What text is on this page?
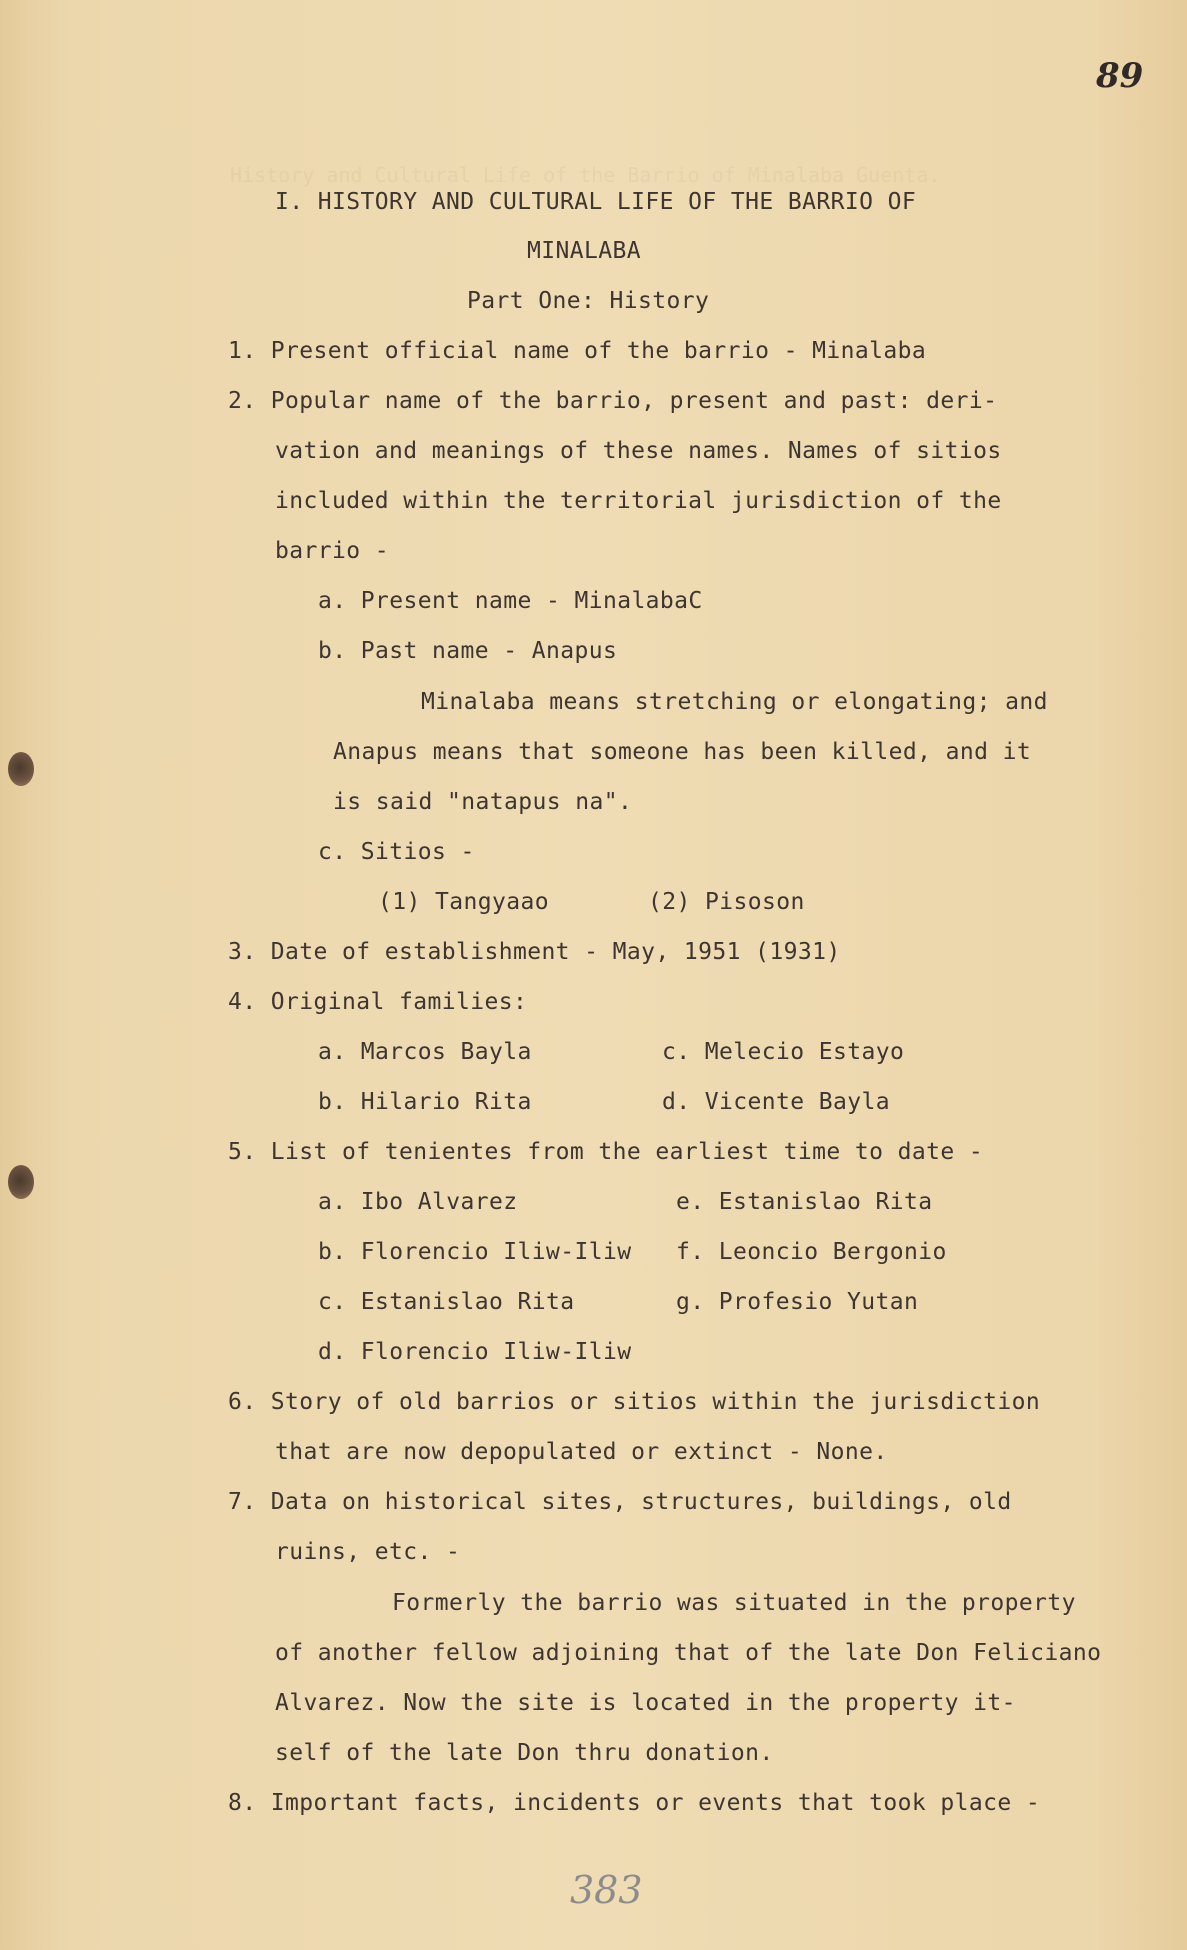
History and Cultural Life of the Barrio of Minalaba Guenta.
89
I. HISTORY AND CULTURAL LIFE OF THE BARRIO OF
MINALABA
Part One: History
1. Present official name of the barrio - Minalaba
2. Popular name of the barrio, present and past: deri-
vation and meanings of these names. Names of sitios
included within the territorial jurisdiction of the
barrio -
a. Present name - MinalabaC
b. Past name - Anapus
Minalaba means stretching or elongating; and
Anapus means that someone has been killed, and it
is said "natapus na".
c. Sitios -
(1) Tangyaao	(2) Pisoson
3. Date of establishment - May, 1951 (1931)
4. Original families:
a. Marcos Bayla	c. Melecio Estayo
b. Hilario Rita	d. Vicente Bayla
5. List of tenientes from the earliest time to date -
a. Ibo Alvarez	e. Estanislao Rita
b. Florencio Iliw-Iliw f. Leoncio Bergonio
c. Estanislao Rita	g. Profesio Yutan
d. Florencio Iliw-Iliw
6. Story of old barrios or sitios within the jurisdiction
that are now depopulated or extinct - None.
7. Data on historical sites, structures, buildings, old
ruins, etc. -
Formerly the barrio was situated in the property
of another fellow adjoining that of the late Don Feliciano
Alvarez. Now the site is located in the property it-
self of the late Don thru donation.
8. Important facts, incidents or events that took place -
383
